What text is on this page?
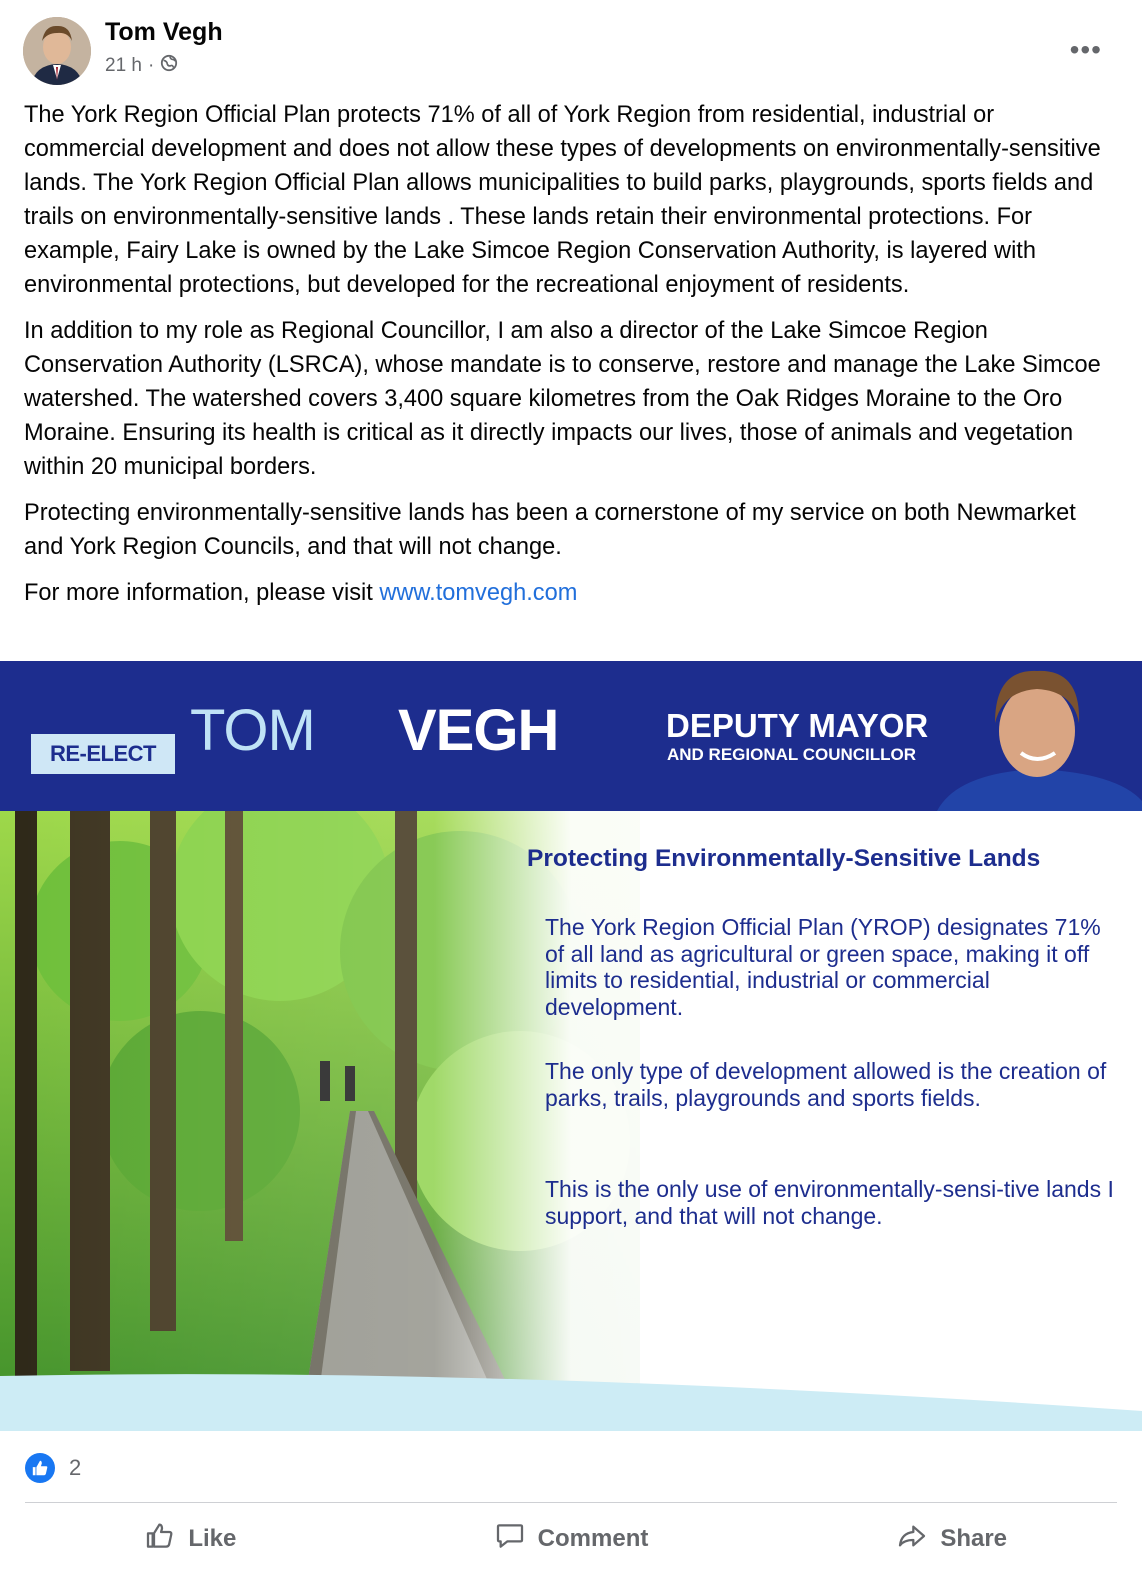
Tom Vegh
21 h ·
•••

The York Region Official Plan protects 71% of all of York Region from residential, industrial or commercial development and does not allow these types of developments on environmentally-sensitive lands. The York Region Official Plan allows municipalities to build parks, playgrounds, sports fields and trails on environmentally-sensitive lands . These lands retain their environmental protections. For example, Fairy Lake is owned by the Lake Simcoe Region Conservation Authority, is layered with environmental protections, but developed for the recreational enjoyment of residents.

In addition to my role as Regional Councillor, I am also a director of the Lake Simcoe Region Conservation Authority (LSRCA), whose mandate is to conserve, restore and manage the Lake Simcoe watershed. The watershed covers 3,400 square kilometres from the Oak Ridges Moraine to the Oro Moraine. Ensuring its health is critical as it directly impacts our lives, those of animals and vegetation within 20 municipal borders.

Protecting environmentally-sensitive lands has been a cornerstone of my service on both Newmarket and York Region Councils, and that will not change.

For more information, please visit www.tomvegh.com

RE-ELECT TOM VEGH	DEPUTY MAYOR
AND REGIONAL COUNCILLOR
Protecting Environmentally-Sensitive Lands
The York Region Official Plan (YROP) designates 71% of all land as agricultural or green space, making it off limits to residential, industrial or commercial development.
The only type of development allowed is the creation of parks, trails, playgrounds and sports fields.
This is the only use of environmentally-sensi-tive lands I support, and that will not change.
2
Like	Comment	Share
